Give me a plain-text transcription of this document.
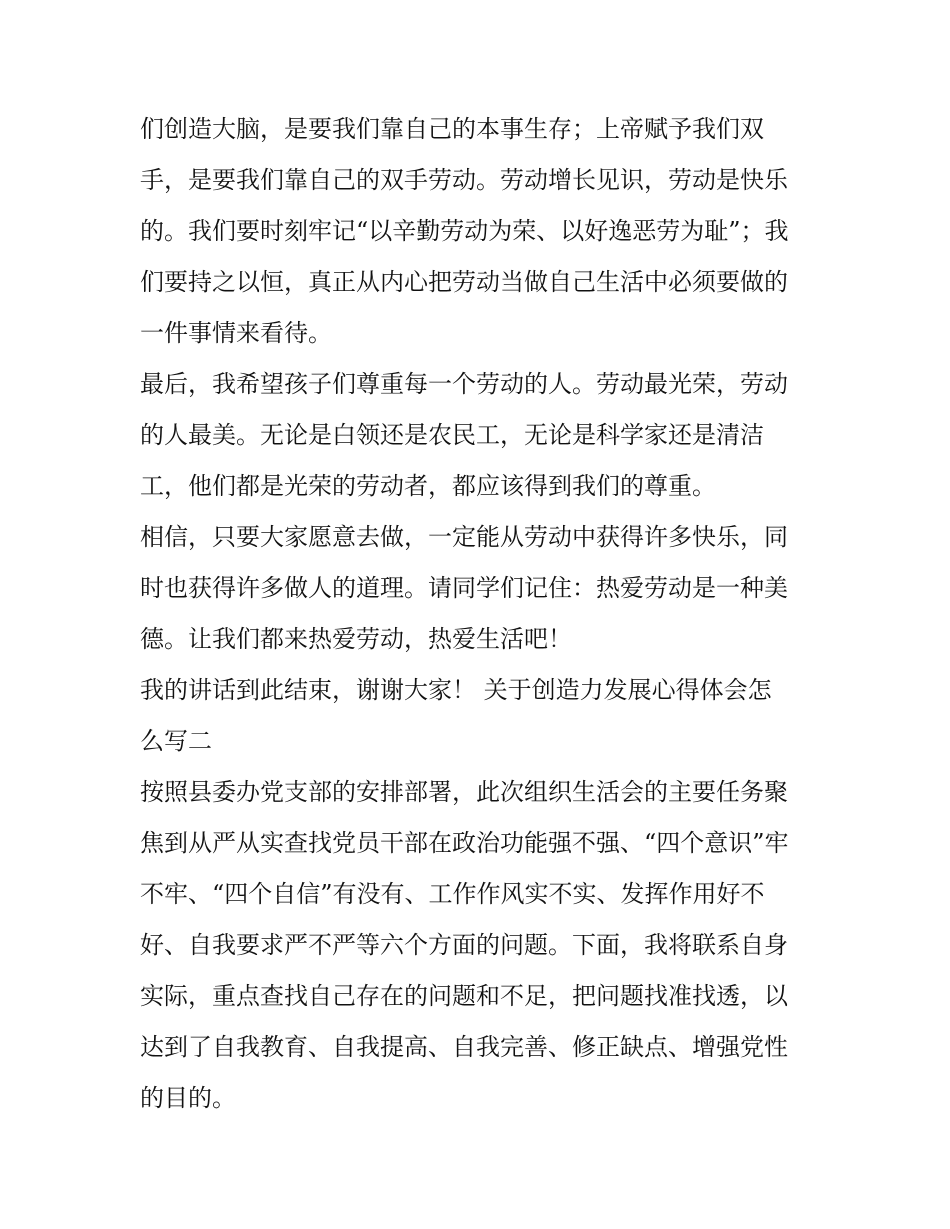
们创造大脑，是要我们靠自己的本事生存；上帝赋予我们双
手，是要我们靠自己的双手劳动。劳动增长见识，劳动是快乐
的。我们要时刻牢记“以辛勤劳动为荣、以好逸恶劳为耻”；我
们要持之以恒，真正从内心把劳动当做自己生活中必须要做的
一件事情来看待。
最后，我希望孩子们尊重每一个劳动的人。劳动最光荣，劳动
的人最美。无论是白领还是农民工，无论是科学家还是清洁
工，他们都是光荣的劳动者，都应该得到我们的尊重。
相信，只要大家愿意去做，一定能从劳动中获得许多快乐，同
时也获得许多做人的道理。请同学们记住：热爱劳动是一种美
德。让我们都来热爱劳动，热爱生活吧！
我的讲话到此结束，谢谢大家！ 关于创造力发展心得体会怎
么写二
按照县委办党支部的安排部署，此次组织生活会的主要任务聚
焦到从严从实查找党员干部在政治功能强不强、“四个意识”牢
不牢、“四个自信”有没有、工作作风实不实、发挥作用好不
好、自我要求严不严等六个方面的问题。下面，我将联系自身
实际，重点查找自己存在的问题和不足，把问题找准找透，以
达到了自我教育、自我提高、自我完善、修正缺点、增强党性
的目的。
